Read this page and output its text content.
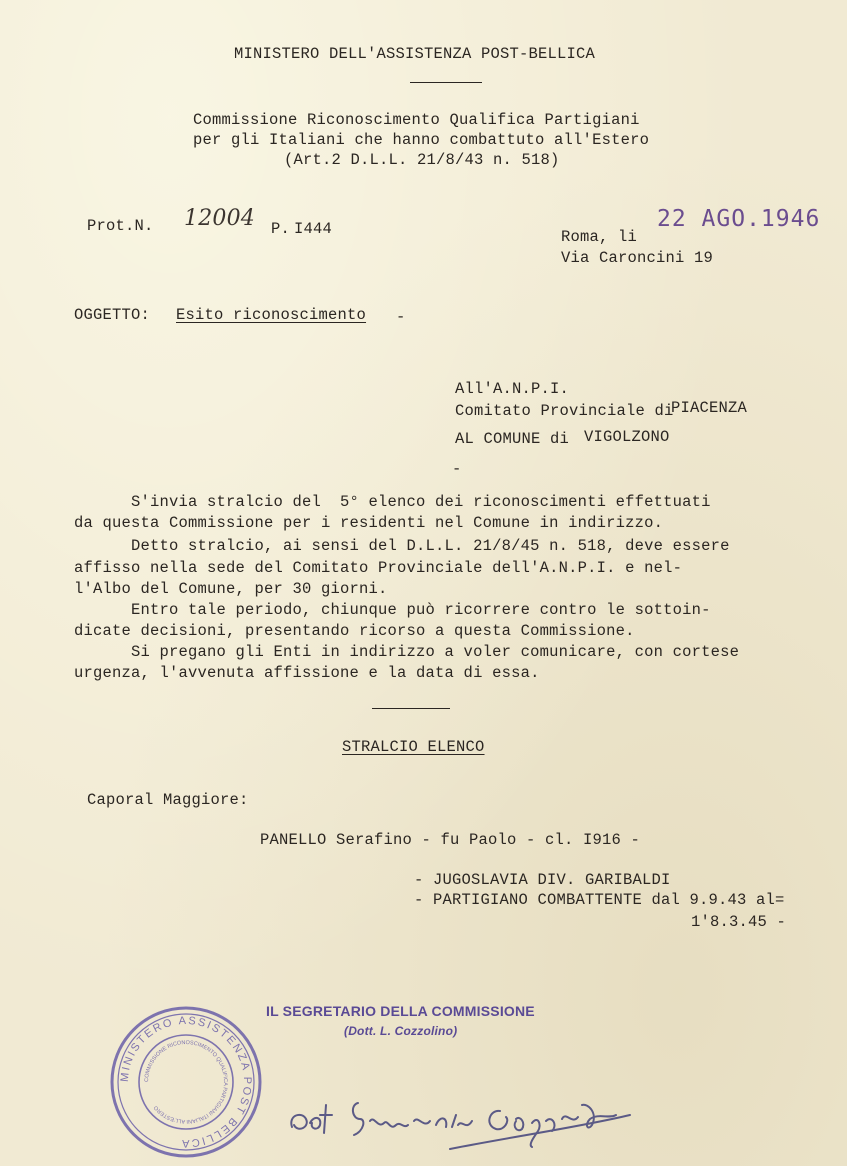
MINISTERO DELL'ASSISTENZA POST-BELLICA
Commissione Riconoscimento Qualifica Partigiani
per gli Italiani che hanno combattuto all'Estero
(Art.2 D.L.L. 21/8/43 n. 518)
Prot.N. 12004 P. I444	Roma, li
22 AGO.1946
Via Caroncini 19
OGGETTO: Esito riconoscimento -
All'A.N.P.I.
Comitato Provinciale di
PIACENZA
AL COMUNE di VIGOLZONO
-
S'invia stralcio del  5° elenco dei riconoscimenti effettuati
da questa Commissione per i residenti nel Comune in indirizzo.
Detto stralcio, ai sensi del D.L.L. 21/8/45 n. 518, deve essere
affisso nella sede del Comitato Provinciale dell'A.N.P.I. e nel-
l'Albo del Comune, per 30 giorni.
Entro tale periodo, chiunque può ricorrere contro le sottoin-
dicate decisioni, presentando ricorso a questa Commissione.
Si pregano gli Enti in indirizzo a voler comunicare, con cortese
urgenza, l'avvenuta affissione e la data di essa.
STRALCIO ELENCO
Caporal Maggiore:
PANELLO Serafino - fu Paolo - cl. I916 -
- JUGOSLAVIA DIV. GARIBALDI
- PARTIGIANO COMBATTENTE dal 9.9.43 al=
1'8.3.45 -
IL SEGRETARIO DELLA COMMISSIONE
(Dott. L. Cozzolino)
MINISTERO ASSISTENZA POST BELLICA
COMMISSIONE RICONOSCIMENTO QUALIFICA PARTIGIANI ITALIANI ALL'ESTERO
